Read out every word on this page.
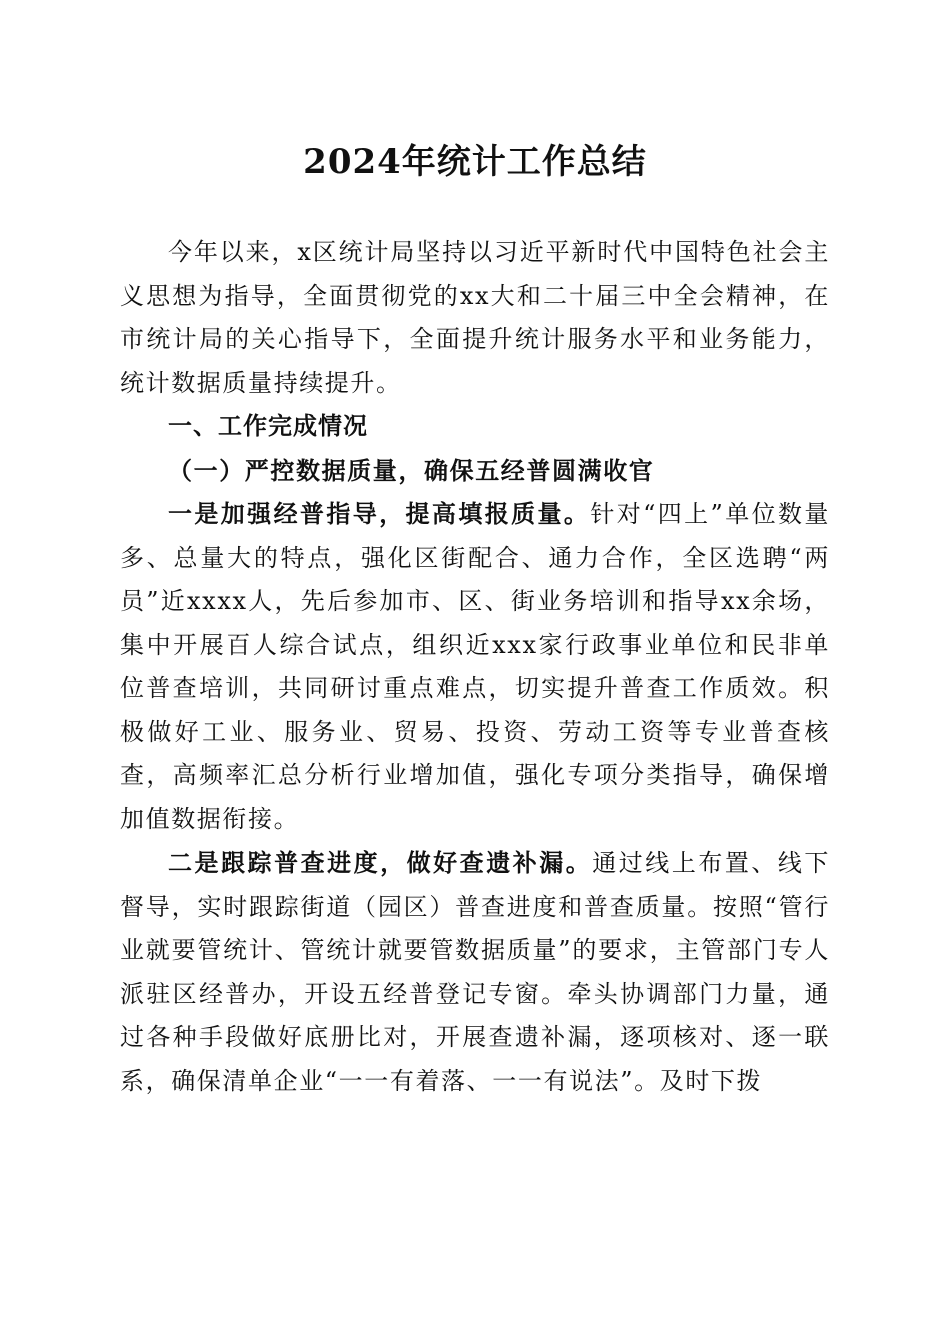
2024年统计工作总结

今年以来，x区统计局坚持以习近平新时代中国特色社会主义思想为指导，全面贯彻党的xx大和二十届三中全会精神，在市统计局的关心指导下，全面提升统计服务水平和业务能力，统计数据质量持续提升。

一、工作完成情况

（一）严控数据质量，确保五经普圆满收官

一是加强经普指导，提高填报质量。针对“四上”单位数量多、总量大的特点，强化区街配合、通力合作，全区选聘“两员”近xxxx人，先后参加市、区、街业务培训和指导xx余场，集中开展百人综合试点，组织近xxx家行政事业单位和民非单位普查培训，共同研讨重点难点，切实提升普查工作质效。积极做好工业、服务业、贸易、投资、劳动工资等专业普查核查，高频率汇总分析行业增加值，强化专项分类指导，确保增加值数据衔接。

二是跟踪普查进度，做好查遗补漏。通过线上布置、线下督导，实时跟踪街道（园区）普查进度和普查质量。按照“管行业就要管统计、管统计就要管数据质量”的要求，主管部门专人派驻区经普办，开设五经普登记专窗。牵头协调部门力量，通过各种手段做好底册比对，开展查遗补漏，逐项核对、逐一联系，确保清单企业“一一有着落、一一有说法”。及时下拨
